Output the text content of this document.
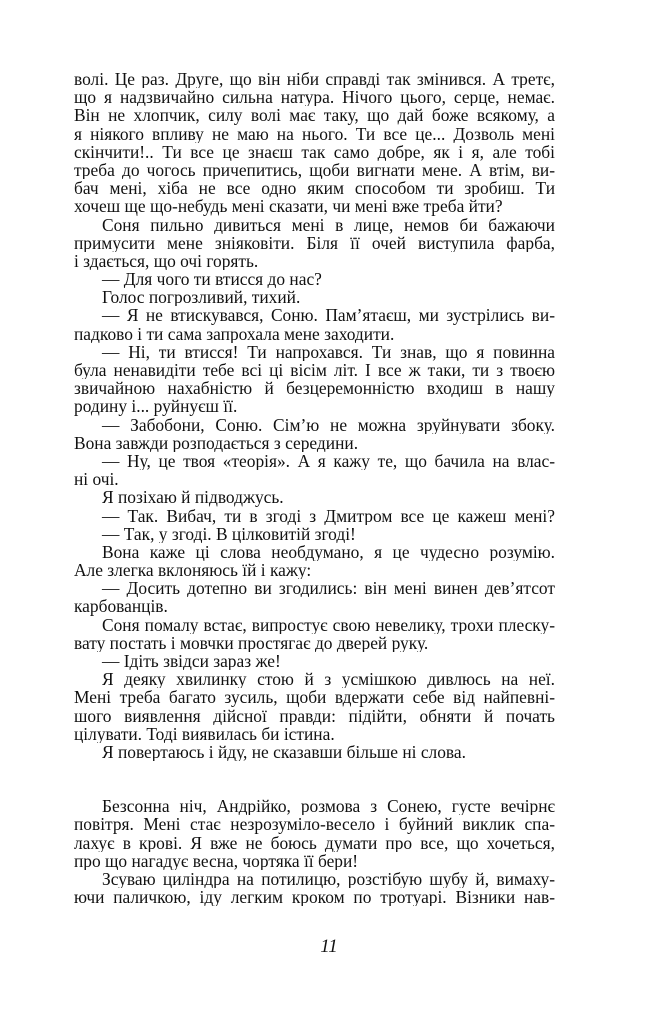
волі. Це раз. Друге, що він ніби справді так змінився. А третє,
що я надзвичайно сильна натура. Нічого цього, серце, немає.
Він не хлопчик, силу волі має таку, що дай боже всякому, а
я ніякого впливу не маю на нього. Ти все це... Дозволь мені
скінчити!.. Ти все це знаєш так само добре, як і я, але тобі
треба до чогось причепитись, щоби вигнати мене. А втім, ви-
бач мені, хіба не все одно яким способом ти зробиш. Ти
хочеш ще що-небудь мені сказати, чи мені вже треба йти?
Соня пильно дивиться мені в лице, немов би бажаючи
примусити мене зніяковіти. Біля її очей виступила фарба,
і здається, що очі горять.
— Для чого ти втисся до нас?
Голос погрозливий, тихий.
— Я не втискувався, Соню. Пам’ятаєш, ми зустрілись ви-
падково і ти сама запрохала мене заходити.
— Ні, ти втисся! Ти напрохався. Ти знав, що я повинна
була ненавидіти тебе всі ці вісім літ. І все ж таки, ти з твоєю
звичайною нахабністю й безцеремонністю входиш в нашу
родину і... руйнуєш її.
— Забобони, Соню. Сім’ю не можна зруйнувати збоку.
Вона завжди розподається з середини.
— Ну, це твоя «теорія». А я кажу те, що бачила на влас-
ні очі.
Я позіхаю й підводжусь.
— Так. Вибач, ти в згоді з Дмитром все це кажеш мені?
— Так, у згоді. В цілковитій згоді!
Вона каже ці слова необдумано, я це чудесно розумію.
Але злегка вклоняюсь їй і кажу:
— Досить дотепно ви згодились: він мені винен дев’ятсот
карбованців.
Соня помалу встає, випростує свою невелику, трохи плеску-
вату постать і мовчки простягає до дверей руку.
— Ідіть звідси зараз же!
Я деяку хвилинку стою й з усмішкою дивлюсь на неї.
Мені треба багато зусиль, щоби вдержати себе від найпевні-
шого виявлення дійсної правди: підійти, обняти й почать
цілувати. Тоді виявилась би істина.
Я повертаюсь і йду, не сказавши більше ні слова.
Безсонна ніч, Андрійко, розмова з Сонею, густе вечірнє
повітря. Мені стає незрозуміло-весело і буйний виклик спа-
лахує в крові. Я вже не боюсь думати про все, що хочеться,
про що нагадує весна, чортяка її бери!
Зсуваю циліндра на потилицю, розстібую шубу й, вимаху-
ючи паличкою, іду легким кроком по тротуарі. Візники нав-
11
